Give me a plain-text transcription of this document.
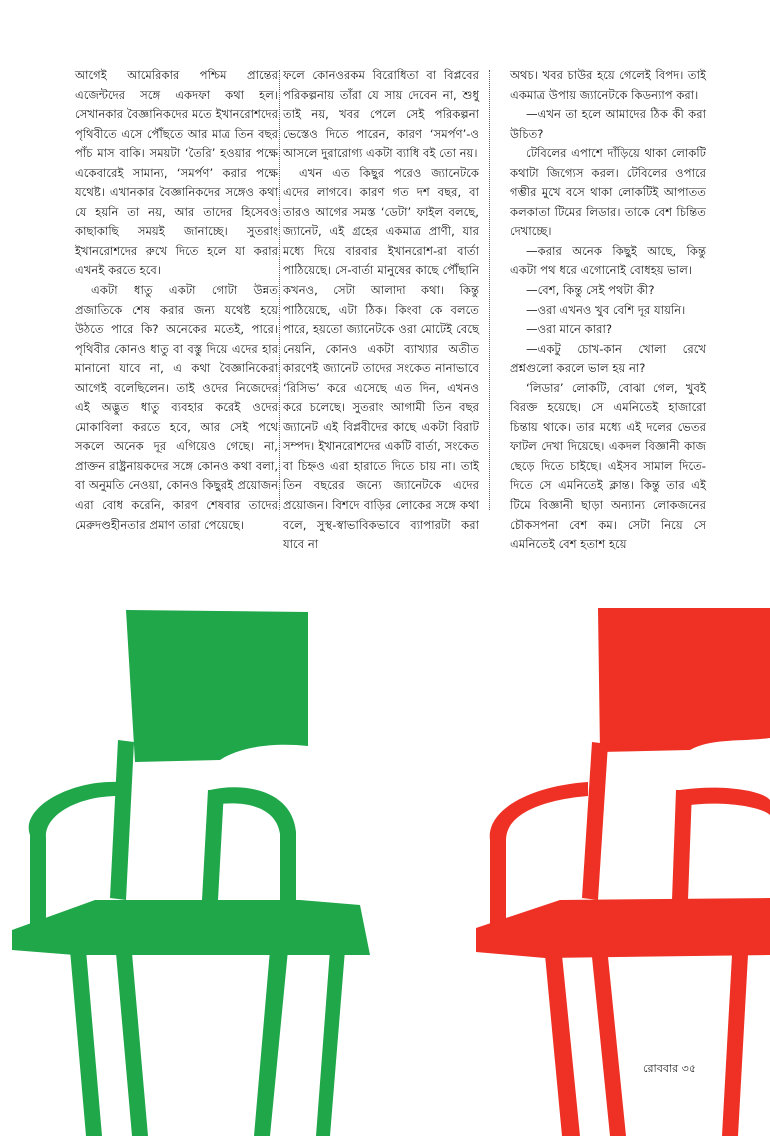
আগেই আমেরিকার পশ্চিম প্রান্তের এজেন্টদের সঙ্গে একদফা কথা হল। সেখানকার বৈজ্ঞানিকদের মতে ইখানরোশদের পৃথিবীতে এসে পৌঁছতে আর মাত্র তিন বছর পাঁচ মাস বাকি। সময়টা ‘তৈরি’ হওয়ার পক্ষে একেবারেই সামান্য, ‘সমর্পণ’ করার পক্ষে যথেষ্ট। এখানকার বৈজ্ঞানিকদের সঙ্গেও কথা যে হয়নি তা নয়, আর তাদের হিসেবও কাছাকাছি সময়ই জানাচ্ছে। সুতরাং ইখানরোশদের রুখে দিতে হলে যা করার এখনই করতে হবে।

একটা ধাতু একটা গোটা উন্নত প্রজাতিকে শেষ করার জন্য যথেষ্ট হয়ে উঠতে পারে কি? অনেকের মতেই, পারে। পৃথিবীর কোনও ধাতু বা বস্তু দিয়ে এদের হার মানানো যাবে না, এ কথা বৈজ্ঞানিকেরা আগেই বলেছিলেন। তাই ওদের নিজেদের এই অদ্ভুত ধাতু ব্যবহার করেই ওদের মোকাবিলা করতে হবে, আর সেই পথে সকলে অনেক দূর এগিয়েও গেছে। না, প্রাক্তন রাষ্ট্রনায়কদের সঙ্গে কোনও কথা বলা, বা অনুমতি নেওয়া, কোনও কিছুরই প্রয়োজন এরা বোধ করেনি, কারণ শেষবার তাদের মেরুদণ্ডহীনতার প্রমাণ তারা পেয়েছে।

ফলে কোনওরকম বিরোধিতা বা বিপ্লবের পরিকল্পনায় তাঁরা যে সায় দেবেন না, শুধু তাই নয়, খবর পেলে সেই পরিকল্পনা ভেস্তেও দিতে পারেন, কারণ ‘সমর্পণ’-ও আসলে দুরারোগ্য একটা ব্যাধি বই তো নয়।

এখন এত কিছুর পরেও জ্যানেটকে এদের লাগবে। কারণ গত দশ বছর, বা তারও আগের সমস্ত ‘ডেটা’ ফাইল বলছে, জ্যানেট, এই গ্রহের একমাত্র প্রাণী, যার মধ্যে দিয়ে বারবার ইখানরোশ-রা বার্তা পাঠিয়েছে। সে-বার্তা মানুষের কাছে পৌঁছানি কখনও, সেটা আলাদা কথা। কিন্তু পাঠিয়েছে, এটা ঠিক। কিংবা কে বলতে পারে, হয়তো জ্যানেটকে ওরা মোটেই বেছে নেয়নি, কোনও একটা ব্যাখ্যার অতীত কারণেই জ্যানেট তাদের সংকেত নানাভাবে ‘রিসিভ’ করে এসেছে এত দিন, এখনও করে চলেছে। সুতরাং আগামী তিন বছর জ্যানেট এই বিপ্লবীদের কাছে একটা বিরাট সম্পদ। ইখানরোশদের একটি বার্তা, সংকেত বা চিহ্নও এরা হারাতে দিতে চায় না। তাই তিন বছরের জন্যে জ্যানেটকে এদের প্রয়োজন। বিশদে বাড়ির লোকের সঙ্গে কথা বলে, সুস্থ-স্বাভাবিকভাবে ব্যাপারটা করা যাবে না

অথচ। খবর চাউর হয়ে গেলেই বিপদ। তাই একমাত্র উপায় জ্যানেটকে কিডন্যাপ করা।

—এখন তা হলে আমাদের ঠিক কী করা উচিত?

টেবিলের এপাশে দাঁড়িয়ে থাকা লোকটি কথাটা জিগ্যেস করল। টেবিলের ওপারে গম্ভীর মুখে বসে থাকা লোকটিই আপাতত কলকাতা টিমের লিডার। তাকে বেশ চিন্তিত দেখাচ্ছে।

—করার অনেক কিছুই আছে, কিন্তু একটা পথ ধরে এগোনোই বোধহয় ভাল।

—বেশ, কিন্তু সেই পথটা কী?

—ওরা এখনও খুব বেশি দূর যায়নি।

—ওরা মানে কারা?

—একটু চোখ-কান খোলা রেখে প্রশ্নগুলো করলে ভাল হয় না?

‘লিডার’ লোকটি, বোঝা গেল, খুবই বিরক্ত হয়েছে। সে এমনিতেই হাজারো চিন্তায় থাকে। তার মধ্যে এই দলের ভেতর ফাটল দেখা দিয়েছে। একদল বিজ্ঞানী কাজ ছেড়ে দিতে চাইছে। এইসব সামাল দিতে-দিতে সে এমনিতেই ক্লান্ত। কিন্তু তার এই টিমে বিজ্ঞানী ছাড়া অন্যান্য লোকজনের চৌকসপনা বেশ কম। সেটা নিয়ে সে এমনিতেই বেশ হতাশ হয়ে

রোববার ৩৫
